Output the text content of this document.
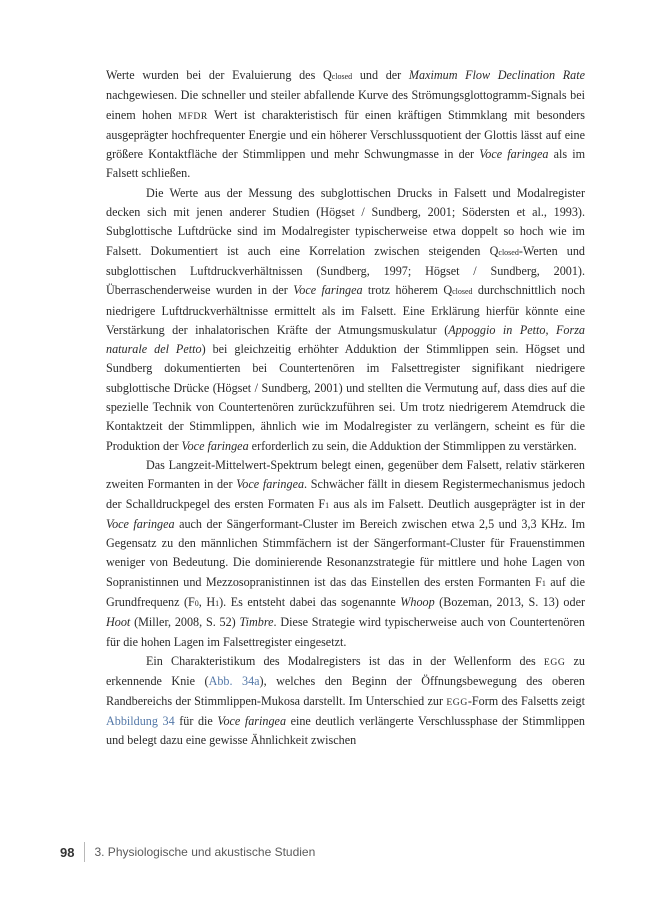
Werte wurden bei der Evaluierung des Qclosed und der Maximum Flow Declination Rate nachgewiesen. Die schneller und steiler abfallende Kurve des Strömungsglottogramm-Signals bei einem hohen MFDR Wert ist charakteristisch für einen kräftigen Stimmklang mit besonders ausgeprägter hochfrequenter Energie und ein höherer Verschlussquotient der Glottis lässt auf eine größere Kontaktfläche der Stimmlippen und mehr Schwungmasse in der Voce faringea als im Falsett schließen.

Die Werte aus der Messung des subglottischen Drucks in Falsett und Modalregister decken sich mit jenen anderer Studien (Högset / Sundberg, 2001; Södersten et al., 1993). Subglottische Luftdrücke sind im Modalregister typischerweise etwa doppelt so hoch wie im Falsett. Dokumentiert ist auch eine Korrelation zwischen steigenden Qclosed-Werten und subglottischen Luftdruckverhältnissen (Sundberg, 1997; Högset / Sundberg, 2001). Überraschenderweise wurden in der Voce faringea trotz höherem Qclosed durchschnittlich noch niedrigere Luftdruckverhältnisse ermittelt als im Falsett. Eine Erklärung hierfür könnte eine Verstärkung der inhalatorischen Kräfte der Atmungsmuskulatur (Appoggio in Petto, Forza naturale del Petto) bei gleichzeitig erhöhter Adduktion der Stimmlippen sein. Högset und Sundberg dokumentierten bei Countertenören im Falsettregister signifikant niedrigere subglottische Drücke (Högset / Sundberg, 2001) und stellten die Vermutung auf, dass dies auf die spezielle Technik von Countertenören zurückzuführen sei. Um trotz niedrigerem Atemdruck die Kontaktzeit der Stimmlippen, ähnlich wie im Modalregister zu verlängern, scheint es für die Produktion der Voce faringea erforderlich zu sein, die Adduktion der Stimmlippen zu verstärken.

Das Langzeit-Mittelwert-Spektrum belegt einen, gegenüber dem Falsett, relativ stärkeren zweiten Formanten in der Voce faringea. Schwächer fällt in diesem Registermechanismus jedoch der Schalldruckpegel des ersten Formaten F1 aus als im Falsett. Deutlich ausgeprägter ist in der Voce faringea auch der Sängerformant-Cluster im Bereich zwischen etwa 2,5 und 3,3 KHz. Im Gegensatz zu den männlichen Stimmfächern ist der Sängerformant-Cluster für Frauenstimmen weniger von Bedeutung. Die dominierende Resonanzstrategie für mittlere und hohe Lagen von Sopranistinnen und Mezzosopranistinnen ist das das Einstellen des ersten Formanten F1 auf die Grundfrequenz (F0, H1). Es entsteht dabei das sogenannte Whoop (Bozeman, 2013, S. 13) oder Hoot (Miller, 2008, S. 52) Timbre. Diese Strategie wird typischerweise auch von Countertenören für die hohen Lagen im Falsettregister eingesetzt.

Ein Charakteristikum des Modalregisters ist das in der Wellenform des EGG zu erkennende Knie (Abb. 34a), welches den Beginn der Öffnungsbewegung des oberen Randbereichs der Stimmlippen-Mukosa darstellt. Im Unterschied zur EGG-Form des Falsetts zeigt Abbildung 34 für die Voce faringea eine deutlich verlängerte Verschlussphase der Stimmlippen und belegt dazu eine gewisse Ähnlichkeit zwischen

98 3. Physiologische und akustische Studien
